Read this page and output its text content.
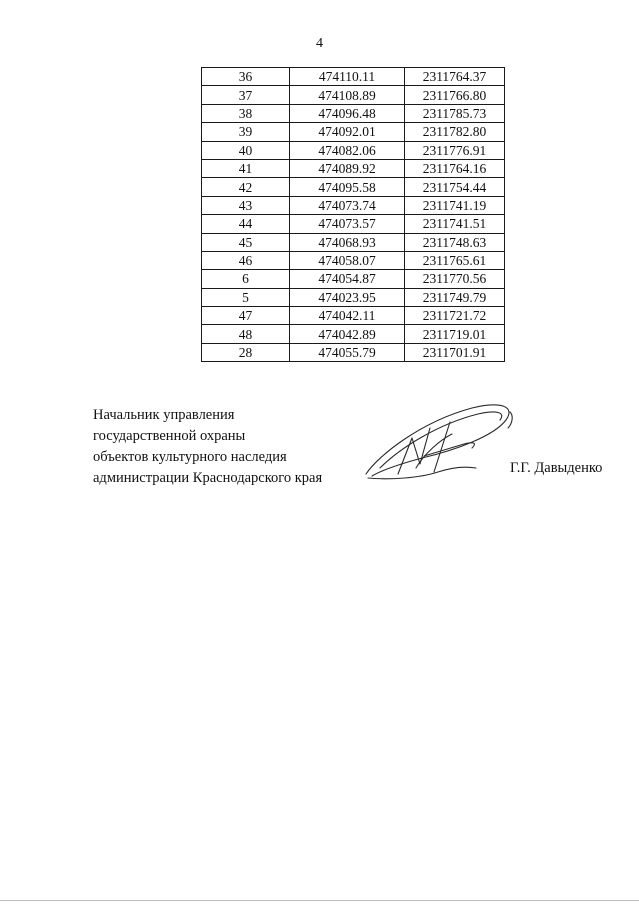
4
36	474110.11	2311764.37
37	474108.89	2311766.80
38	474096.48	2311785.73
39	474092.01	2311782.80
40	474082.06	2311776.91
41	474089.92	2311764.16
42	474095.58	2311754.44
43	474073.74	2311741.19
44	474073.57	2311741.51
45	474068.93	2311748.63
46	474058.07	2311765.61
6	474054.87	2311770.56
5	474023.95	2311749.79
47	474042.11	2311721.72
48	474042.89	2311719.01
28	474055.79	2311701.91
Начальник управления
государственной охраны
объектов культурного наследия
администрации Краснодарского края
Г.Г. Давыденко
